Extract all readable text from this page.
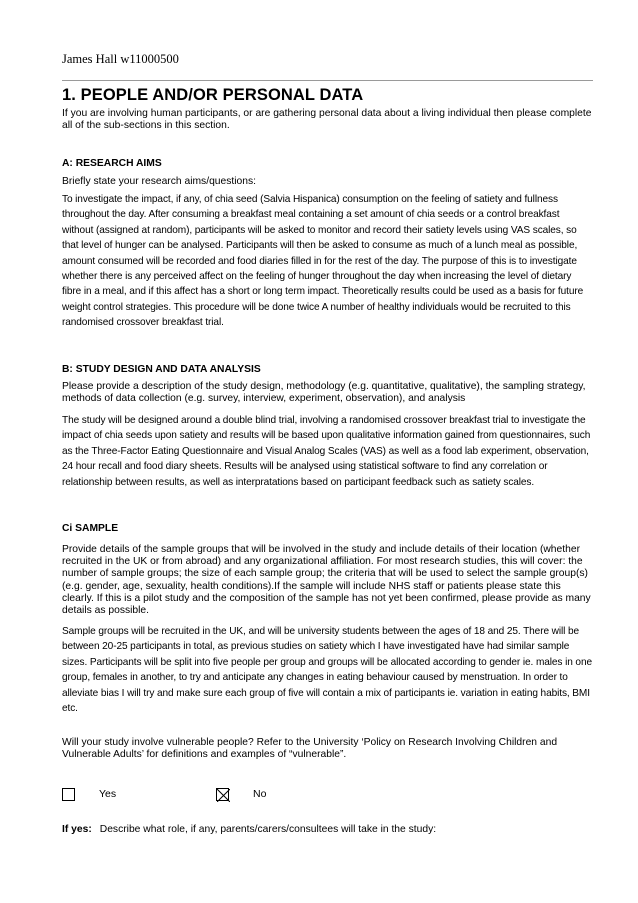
James Hall w11000500
1. PEOPLE AND/OR PERSONAL DATA
If you are involving human participants, or are gathering personal data about a living individual then please complete all of the sub-sections in this section.
A: RESEARCH AIMS
Briefly state your research aims/questions:
To investigate the impact, if any, of chia seed (Salvia Hispanica) consumption on the feeling of satiety and fullness throughout the day. After consuming a breakfast meal containing a set amount of chia seeds or a control breakfast without (assigned at random), participants will be asked to monitor and record their satiety levels using VAS scales, so that level of hunger can be analysed. Participants will then be asked to consume as much of a lunch meal as possible, amount consumed will be recorded and food diaries filled in for the rest of the day. The purpose of this is to investigate whether there is any perceived affect on the feeling of hunger throughout the day when increasing the level of dietary fibre in a meal, and if this affect has a short or long term impact. Theoretically results could be used as a basis for future weight control strategies. This procedure will be done twice A number of healthy individuals would be recruited to this randomised crossover breakfast trial.
B: STUDY DESIGN AND DATA ANALYSIS
Please provide a description of the study design, methodology (e.g. quantitative, qualitative), the sampling strategy, methods of data collection (e.g. survey, interview, experiment, observation), and analysis
The study will be designed around a double blind trial, involving a randomised crossover breakfast trial to investigate the impact of chia seeds upon satiety and results will be based upon qualitative information gained from questionnaires, such as the Three-Factor Eating Questionnaire and Visual Analog Scales (VAS) as well as a food lab experiment, observation, 24 hour recall and food diary sheets. Results will be analysed using statistical software to find any correlation or relationship between results, as well as interpratations based on participant feedback such as satiety scales.
Ci SAMPLE
Provide details of the sample groups that will be involved in the study and include details of their location (whether recruited in the UK or from abroad) and any organizational affiliation. For most research studies, this will cover: the number of sample groups; the size of each sample group; the criteria that will be used to select the sample group(s) (e.g. gender, age, sexuality, health conditions).If the sample will include NHS staff or patients please state this clearly. If this is a pilot study and the composition of the sample has not yet been confirmed, please provide as many details as possible.
Sample groups will be recruited in the UK, and will be university students between the ages of 18 and 25. There will be between 20-25 participants in total, as previous studies on satiety which I have investigated have had similar sample sizes. Participants will be split into five people per group and groups will be allocated according to gender ie. males in one group, females in another, to try and anticipate any changes in eating behaviour caused by menstruation. In order to alleviate bias I will try and make sure each group of five will contain a mix of participants ie. variation in eating habits, BMI etc.
Will your study involve vulnerable people? Refer to the University ‘Policy on Research Involving Children and Vulnerable Adults’ for definitions and examples of “vulnerable”.
Yes	No
If yes: Describe what role, if any, parents/carers/consultees will take in the study:
